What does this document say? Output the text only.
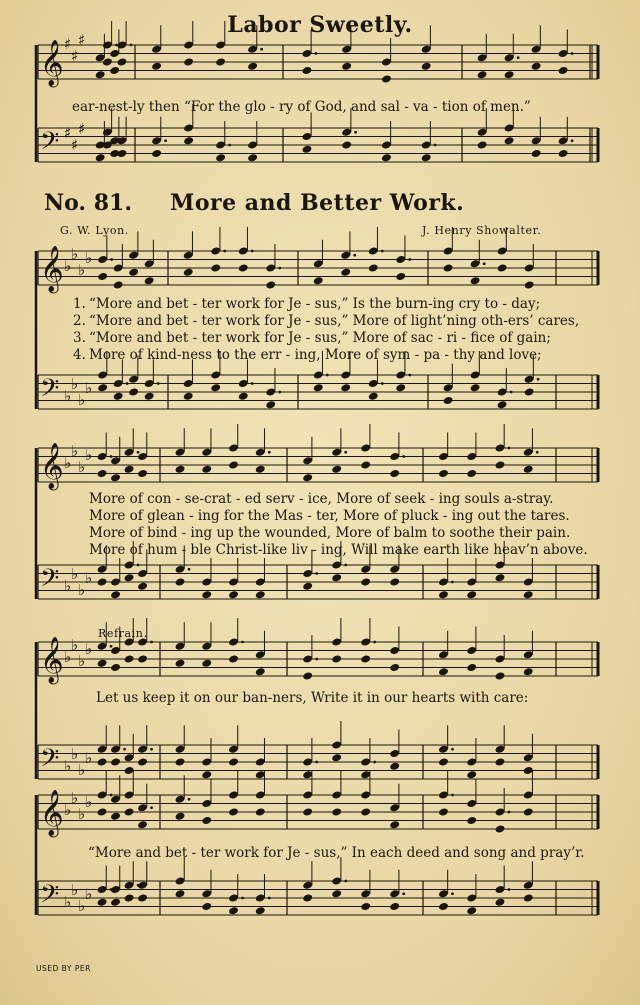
𝄞 ♯
♯
♯
𝄢 ♯
♯
♯
𝄞 ♭
♭
♭
♭
𝄢 ♭
♭
♭
♭
𝄞 ♭
♭
♭
♭
𝄢 ♭
♭
♭
♭
𝄞 ♭
♭
♭
♭
𝄢 ♭
♭
♭
♭
𝄞 ♭
♭
♭
♭
𝄢 ♭
♭
♭
♭
Labor Sweetly.
ear-nest-ly then “For the glo - ry of God, and sal - va - tion of men.”
No. 81. More and Better Work.
G. W. Lyon.	J. Henry Showalter.
1. “More and bet - ter work for Je - sus,” Is the burn-ing cry to - day;
2. “More and bet - ter work for Je - sus,” More of light’ning oth-ers’ cares,
3. “More and bet - ter work for Je - sus,” More of sac - ri - fice of gain;
4. More of kind-ness to the err - ing, More of sym - pa - thy and love;
More of con - se-crat - ed serv - ice, More of seek - ing souls a-stray.
More of glean - ing for the Mas - ter, More of pluck - ing out the tares.
More of bind - ing up the wounded, More of balm to soothe their pain.
More of hum - ble Christ-like liv - ing, Will make earth like heav’n above.
Refrain.
Let us keep it on our ban-ners, Write it in our hearts with care:
“More and bet - ter work for Je - sus,” In each deed and song and pray’r.
USED BY PER
